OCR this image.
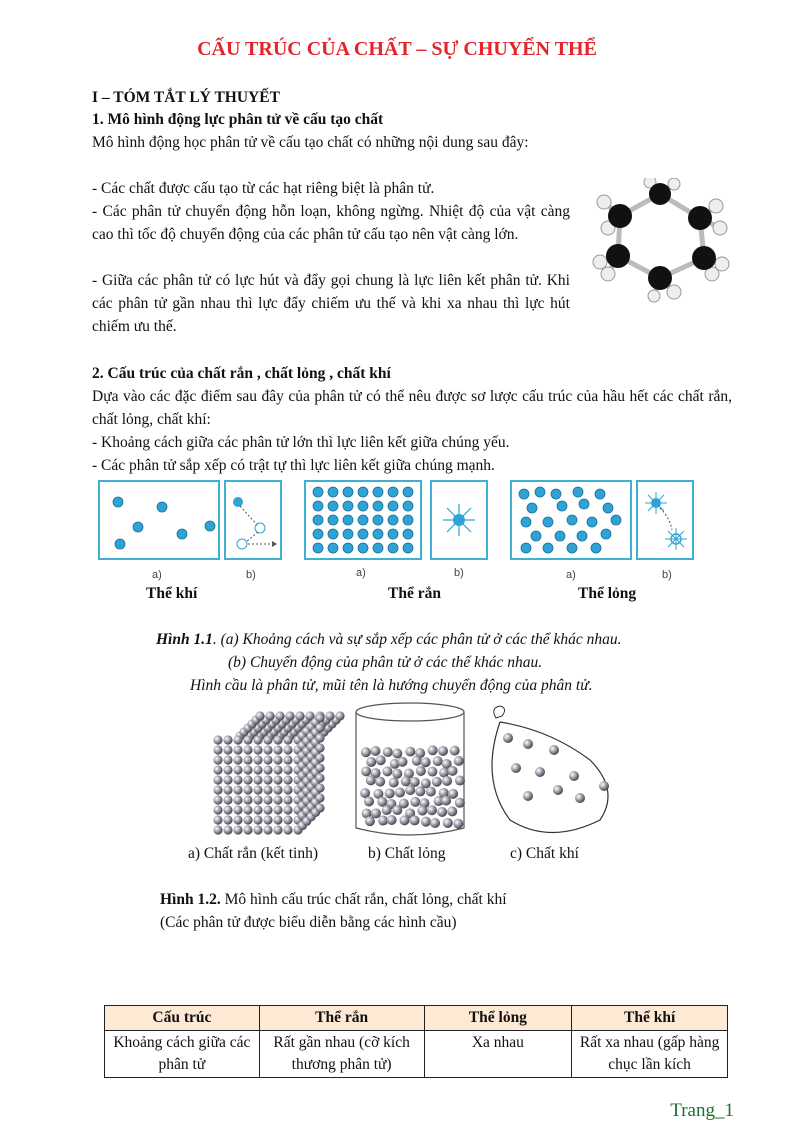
CẤU TRÚC CỦA CHẤT – SỰ CHUYỂN THỂ
I – TÓM TẮT LÝ THUYẾT
1. Mô hình động lực phân tử về cấu tạo chất
Mô hình động học phân tử về cấu tạo chất có những nội dung sau đây:
- Các chất được cấu tạo từ các hạt riêng biệt là phân tử.
- Các phân tử chuyển động hỗn loạn, không ngừng. Nhiệt độ của vật càng cao thì tốc độ chuyển động của các phân tử cấu tạo nên vật càng lớn.
- Giữa các phân tử có lực hút và đẩy gọi chung là lực liên kết phân tử. Khi các phân tử gần nhau thì lực đẩy chiếm ưu thế và khi xa nhau thì lực hút chiếm ưu thế.
2. Cấu trúc của chất rắn , chất lỏng , chất khí
Dựa vào các đặc điểm sau đây của phân tử có thể nêu được sơ lược cấu trúc của hầu hết các chất rắn, chất lỏng, chất khí:
- Khoảng cách giữa các phân tử lớn thì lực liên kết giữa chúng yếu.
- Các phân tử sắp xếp có trật tự thì lực liên kết giữa chúng mạnh.
a)	b)	a)	b)	a)	b)
Thể khí	Thể rắn	Thể lỏng
Hình 1.1. (a) Khoảng cách và sự sắp xếp các phân tử ở các thể khác nhau.
(b) Chuyển động của phân tử ở các thể khác nhau.
Hình cầu là phân tử, mũi tên là hướng chuyển động của phân tử.
a) Chất rắn (kết tinh)	b) Chất lỏng	c) Chất khí
Hình 1.2. Mô hình cấu trúc chất rắn, chất lỏng, chất khí
(Các phân tử được biểu diễn bằng các hình cầu)
Cấu trúc	Thể rắn	Thể lỏng	Thể khí
Khoảng cách giữa các phân tử	Rất gần nhau (cỡ kích thương phân tử)	Xa nhau	Rất xa nhau (gấp hàng chục lần kích
Trang_1
